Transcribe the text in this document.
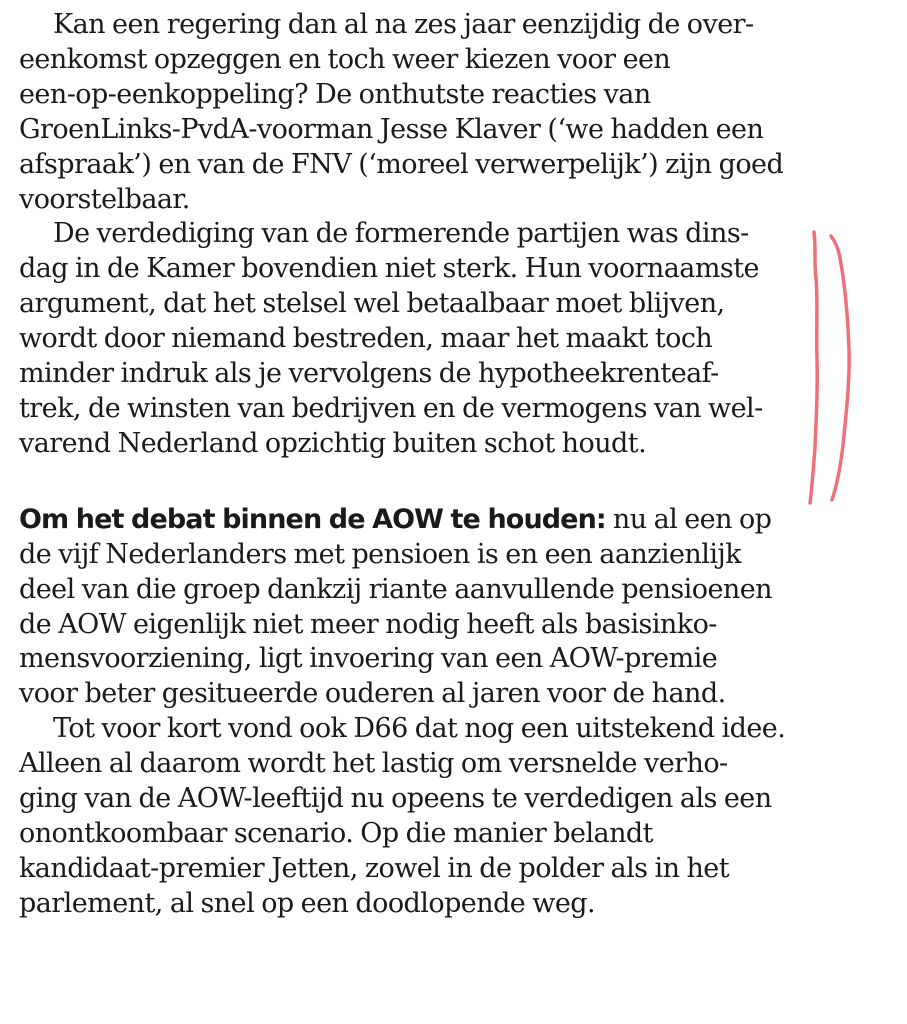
Kan een regering dan al na zes jaar eenzijdig de over-
eenkomst opzeggen en toch weer kiezen voor een
een-op-eenkoppeling? De onthutste reacties van
GroenLinks-PvdA-voorman Jesse Klaver (‘we hadden een
afspraak’) en van de FNV (‘moreel verwerpelijk’) zijn goed
voorstelbaar.
De verdediging van de formerende partijen was dins-
dag in de Kamer bovendien niet sterk. Hun voornaamste
argument, dat het stelsel wel betaalbaar moet blijven,
wordt door niemand bestreden, maar het maakt toch
minder indruk als je vervolgens de hypotheekrenteaf-
trek, de winsten van bedrijven en de vermogens van wel-
varend Nederland opzichtig buiten schot houdt.
Om het debat binnen de AOW te houden: nu al een op
de vijf Nederlanders met pensioen is en een aanzienlijk
deel van die groep dankzij riante aanvullende pensioenen
de AOW eigenlijk niet meer nodig heeft als basisinko-
mensvoorziening, ligt invoering van een AOW-premie
voor beter gesitueerde ouderen al jaren voor de hand.
Tot voor kort vond ook D66 dat nog een uitstekend idee.
Alleen al daarom wordt het lastig om versnelde verho-
ging van de AOW-leeftijd nu opeens te verdedigen als een
onontkoombaar scenario. Op die manier belandt
kandidaat-premier Jetten, zowel in de polder als in het
parlement, al snel op een doodlopende weg.
